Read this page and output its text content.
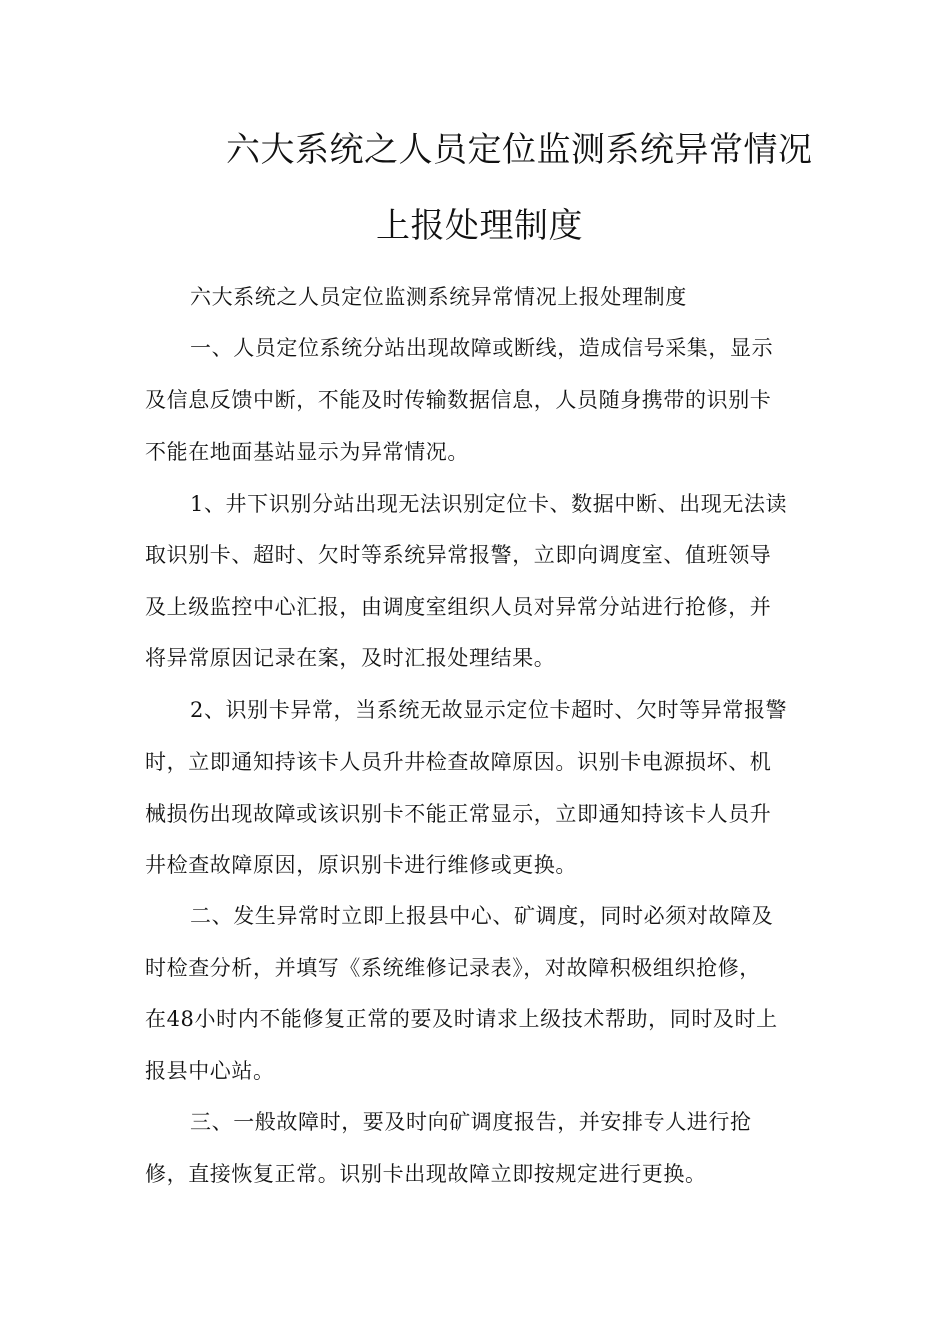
六大系统之人员定位监测系统异常情况
上报处理制度
六大系统之人员定位监测系统异常情况上报处理制度
一、人员定位系统分站出现故障或断线，造成信号采集，显示
及信息反馈中断，不能及时传输数据信息，人员随身携带的识别卡
不能在地面基站显示为异常情况。
1、井下识别分站出现无法识别定位卡、数据中断、出现无法读
取识别卡、超时、欠时等系统异常报警，立即向调度室、值班领导
及上级监控中心汇报，由调度室组织人员对异常分站进行抢修，并
将异常原因记录在案，及时汇报处理结果。
2、识别卡异常，当系统无故显示定位卡超时、欠时等异常报警
时，立即通知持该卡人员升井检查故障原因。识别卡电源损坏、机
械损伤出现故障或该识别卡不能正常显示，立即通知持该卡人员升
井检查故障原因，原识别卡进行维修或更换。
二、发生异常时立即上报县中心、矿调度，同时必须对故障及
时检查分析，并填写《系统维修记录表》，对故障积极组织抢修，
在48小时内不能修复正常的要及时请求上级技术帮助，同时及时上
报县中心站。
三、一般故障时，要及时向矿调度报告，并安排专人进行抢
修，直接恢复正常。识别卡出现故障立即按规定进行更换。
